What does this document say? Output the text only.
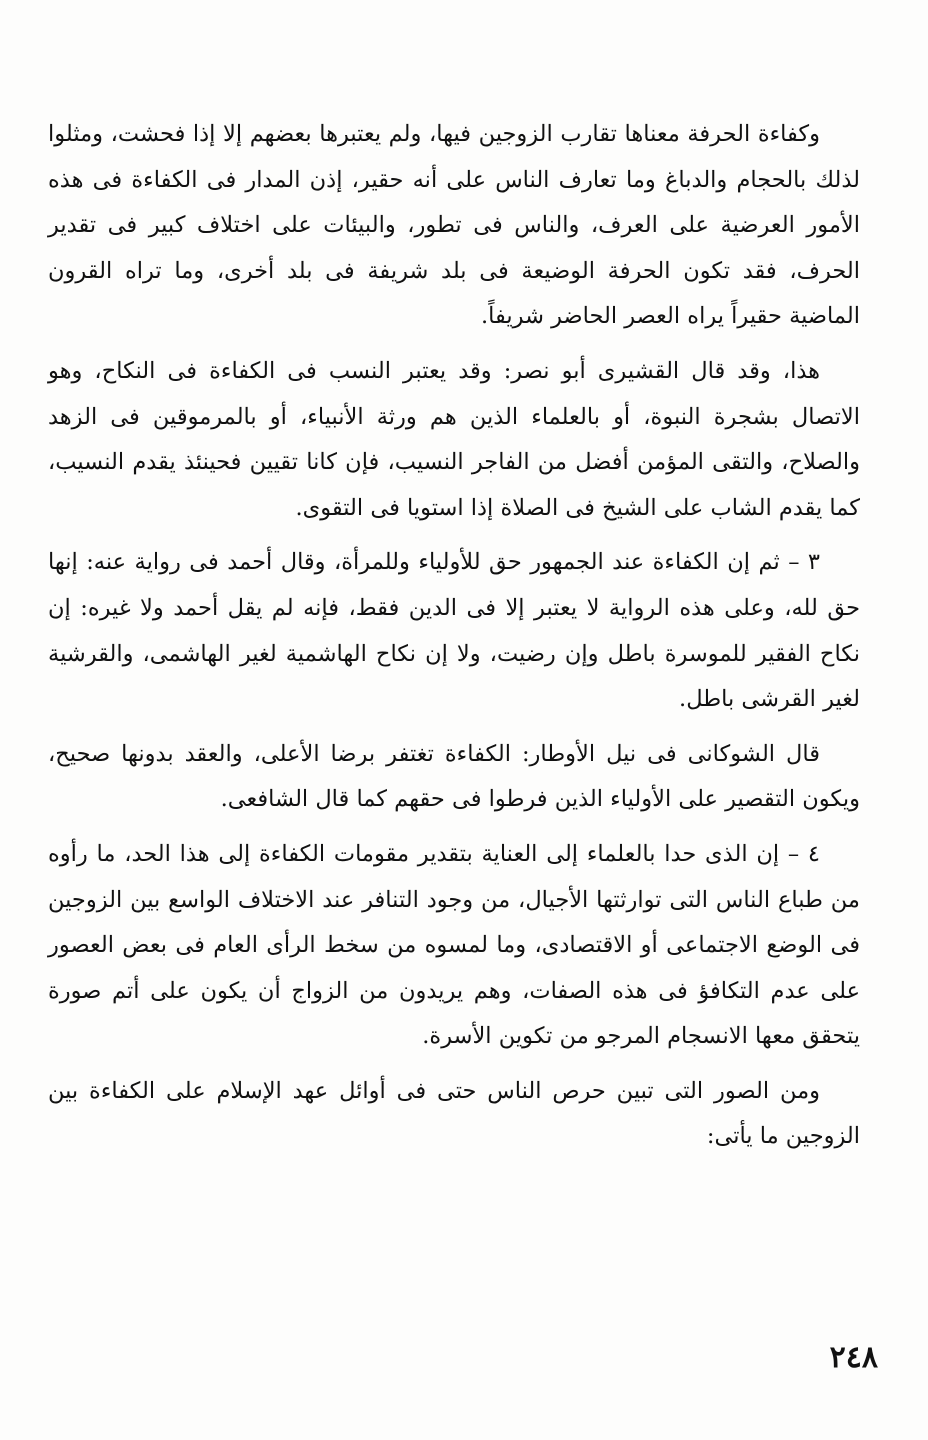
وكفاءة الحرفة معناها تقارب الزوجين فيها، ولم يعتبرها بعضهم إلا إذا فحشت، ومثلوا لذلك بالحجام والدباغ وما تعارف الناس على أنه حقير، إذن المدار فى الكفاءة فى هذه الأمور العرضية على العرف، والناس فى تطور، والبيئات على اختلاف كبير فى تقدير الحرف، فقد تكون الحرفة الوضيعة فى بلد شريفة فى بلد أخرى، وما تراه القرون الماضية حقيراً يراه العصر الحاضر شريفاً.

هذا، وقد قال القشيرى أبو نصر: وقد يعتبر النسب فى الكفاءة فى النكاح، وهو الاتصال بشجرة النبوة، أو بالعلماء الذين هم ورثة الأنبياء، أو بالمرموقين فى الزهد والصلاح، والتقى المؤمن أفضل من الفاجر النسيب، فإن كانا تقيين فحينئذ يقدم النسيب، كما يقدم الشاب على الشيخ فى الصلاة إذا استويا فى التقوى.

٣ – ثم إن الكفاءة عند الجمهور حق للأولياء وللمرأة، وقال أحمد فى رواية عنه: إنها حق لله، وعلى هذه الرواية لا يعتبر إلا فى الدين فقط، فإنه لم يقل أحمد ولا غيره: إن نكاح الفقير للموسرة باطل وإن رضيت، ولا إن نكاح الهاشمية لغير الهاشمى، والقرشية لغير القرشى باطل.

قال الشوكانى فى نيل الأوطار: الكفاءة تغتفر برضا الأعلى، والعقد بدونها صحيح، ويكون التقصير على الأولياء الذين فرطوا فى حقهم كما قال الشافعى.

٤ – إن الذى حدا بالعلماء إلى العناية بتقدير مقومات الكفاءة إلى هذا الحد، ما رأوه من طباع الناس التى توارثتها الأجيال، من وجود التنافر عند الاختلاف الواسع بين الزوجين فى الوضع الاجتماعى أو الاقتصادى، وما لمسوه من سخط الرأى العام فى بعض العصور على عدم التكافؤ فى هذه الصفات، وهم يريدون من الزواج أن يكون على أتم صورة يتحقق معها الانسجام المرجو من تكوين الأسرة.

ومن الصور التى تبين حرص الناس حتى فى أوائل عهد الإسلام على الكفاءة بين الزوجين ما يأتى:

٢٤٨
